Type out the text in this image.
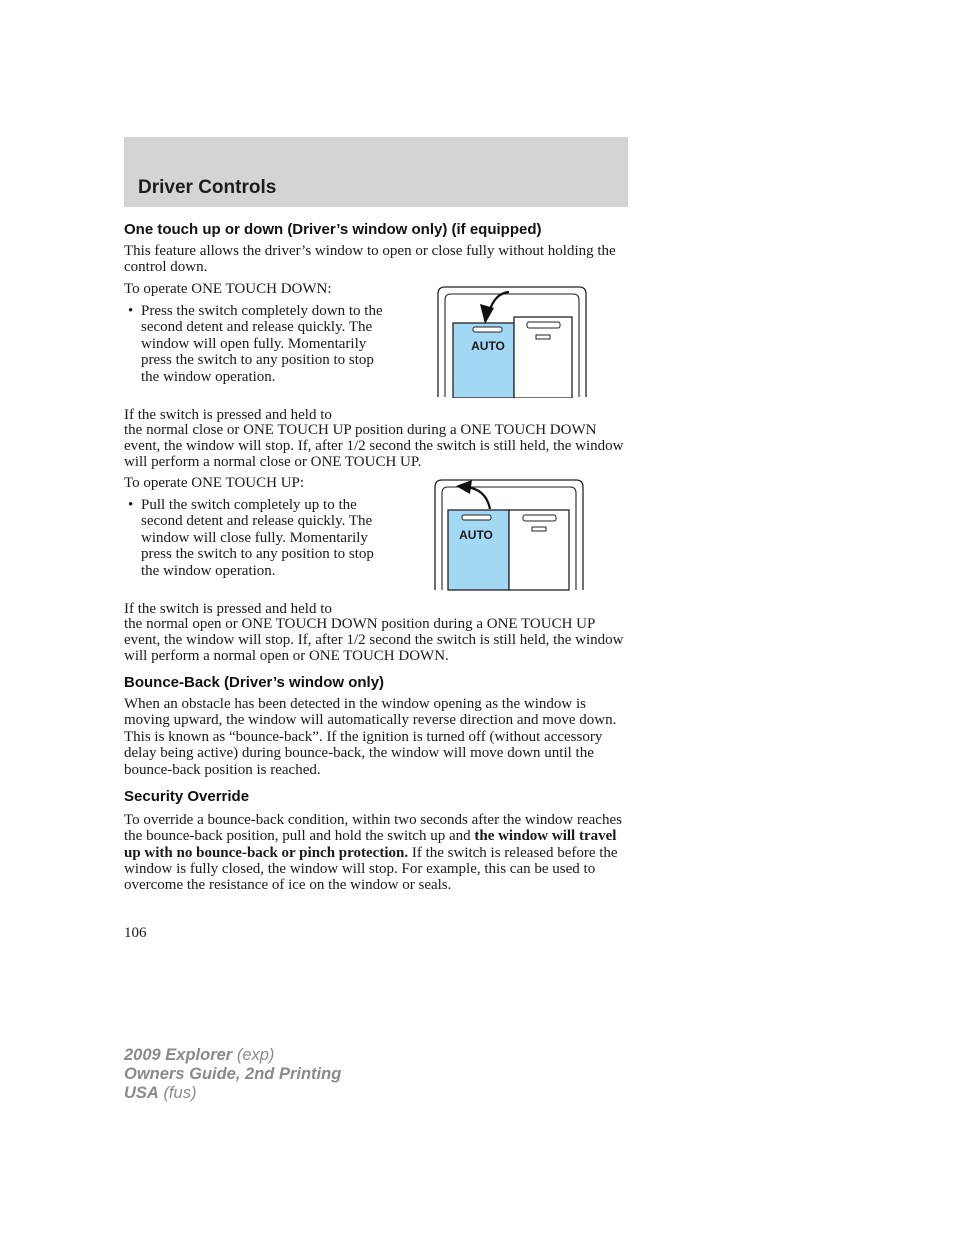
Driver Controls
One touch up or down (Driver’s window only) (if equipped)

This feature allows the driver’s window to open or close fully without holding the control down.

To operate ONE TOUCH DOWN:

• Press the switch completely down to the second detent and release quickly. The window will open fully. Momentarily press the switch to any position to stop the window operation.
AUTO

If the switch is pressed and held to

the normal close or ONE TOUCH UP position during a ONE TOUCH DOWN event, the window will stop. If, after 1/2 second the switch is still held, the window will perform a normal close or ONE TOUCH UP.

To operate ONE TOUCH UP:

• Pull the switch completely up to the second detent and release quickly. The window will close fully. Momentarily press the switch to any position to stop the window operation.
AUTO

If the switch is pressed and held to

the normal open or ONE TOUCH DOWN position during a ONE TOUCH UP event, the window will stop. If, after 1/2 second the switch is still held, the window will perform a normal open or ONE TOUCH DOWN.

Bounce-Back (Driver’s window only)

When an obstacle has been detected in the window opening as the window is moving upward, the window will automatically reverse direction and move down. This is known as “bounce-back”. If the ignition is turned off (without accessory delay being active) during bounce-back, the window will move down until the bounce-back position is reached.

Security Override

To override a bounce-back condition, within two seconds after the window reaches the bounce-back position, pull and hold the switch up and the window will travel up with no bounce-back or pinch protection. If the switch is released before the window is fully closed, the window will stop. For example, this can be used to overcome the resistance of ice on the window or seals.

106

2009 Explorer (exp)
Owners Guide, 2nd Printing
USA (fus)
